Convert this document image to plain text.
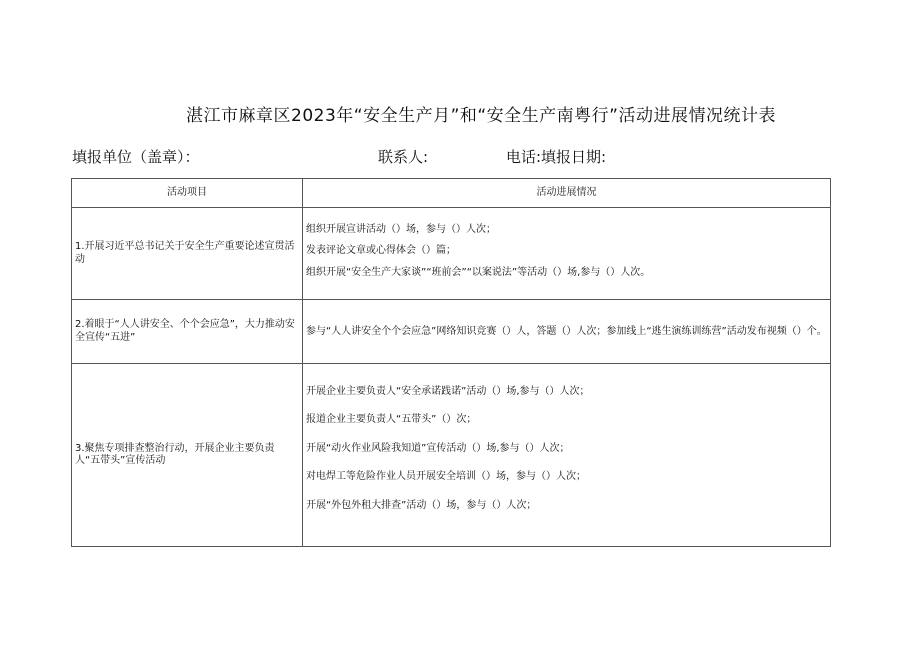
湛江市麻章区2023年“安全生产月”和“安全生产南粤行”活动进展情况统计表
填报单位（盖章）：	联系人:	电话:填报日期:
活动项目	活动进展情况

1.开展习近平总书记关于安全生产重要论述宣贯活动	组织开展宣讲活动（）场，参与（）人次；
发表评论文章或心得体会（）篇；
组织开展“安全生产大家谈”“班前会”“以案说法”等活动（）场,参与（）人次。

2.着眼于“人人讲安全、个个会应急”，大力推动安全宣传“五进”	参与“人人讲安全个个会应急”网络知识竞赛（）人，答题（）人次；参加线上“逃生演练训练营”活动发布视频（）个。

3.聚焦专项排查整治行动，开展企业主要负责人“五带头”宣传活动	开展企业主要负责人“安全承诺践诺”活动（）场,参与（）人次；
报道企业主要负责人“五带头”（）次；
开展“动火作业风险我知道”宣传活动（）场,参与（）人次；
对电焊工等危险作业人员开展安全培训（）场，参与（）人次；
开展“外包外租大排查”活动（）场，参与（）人次；
